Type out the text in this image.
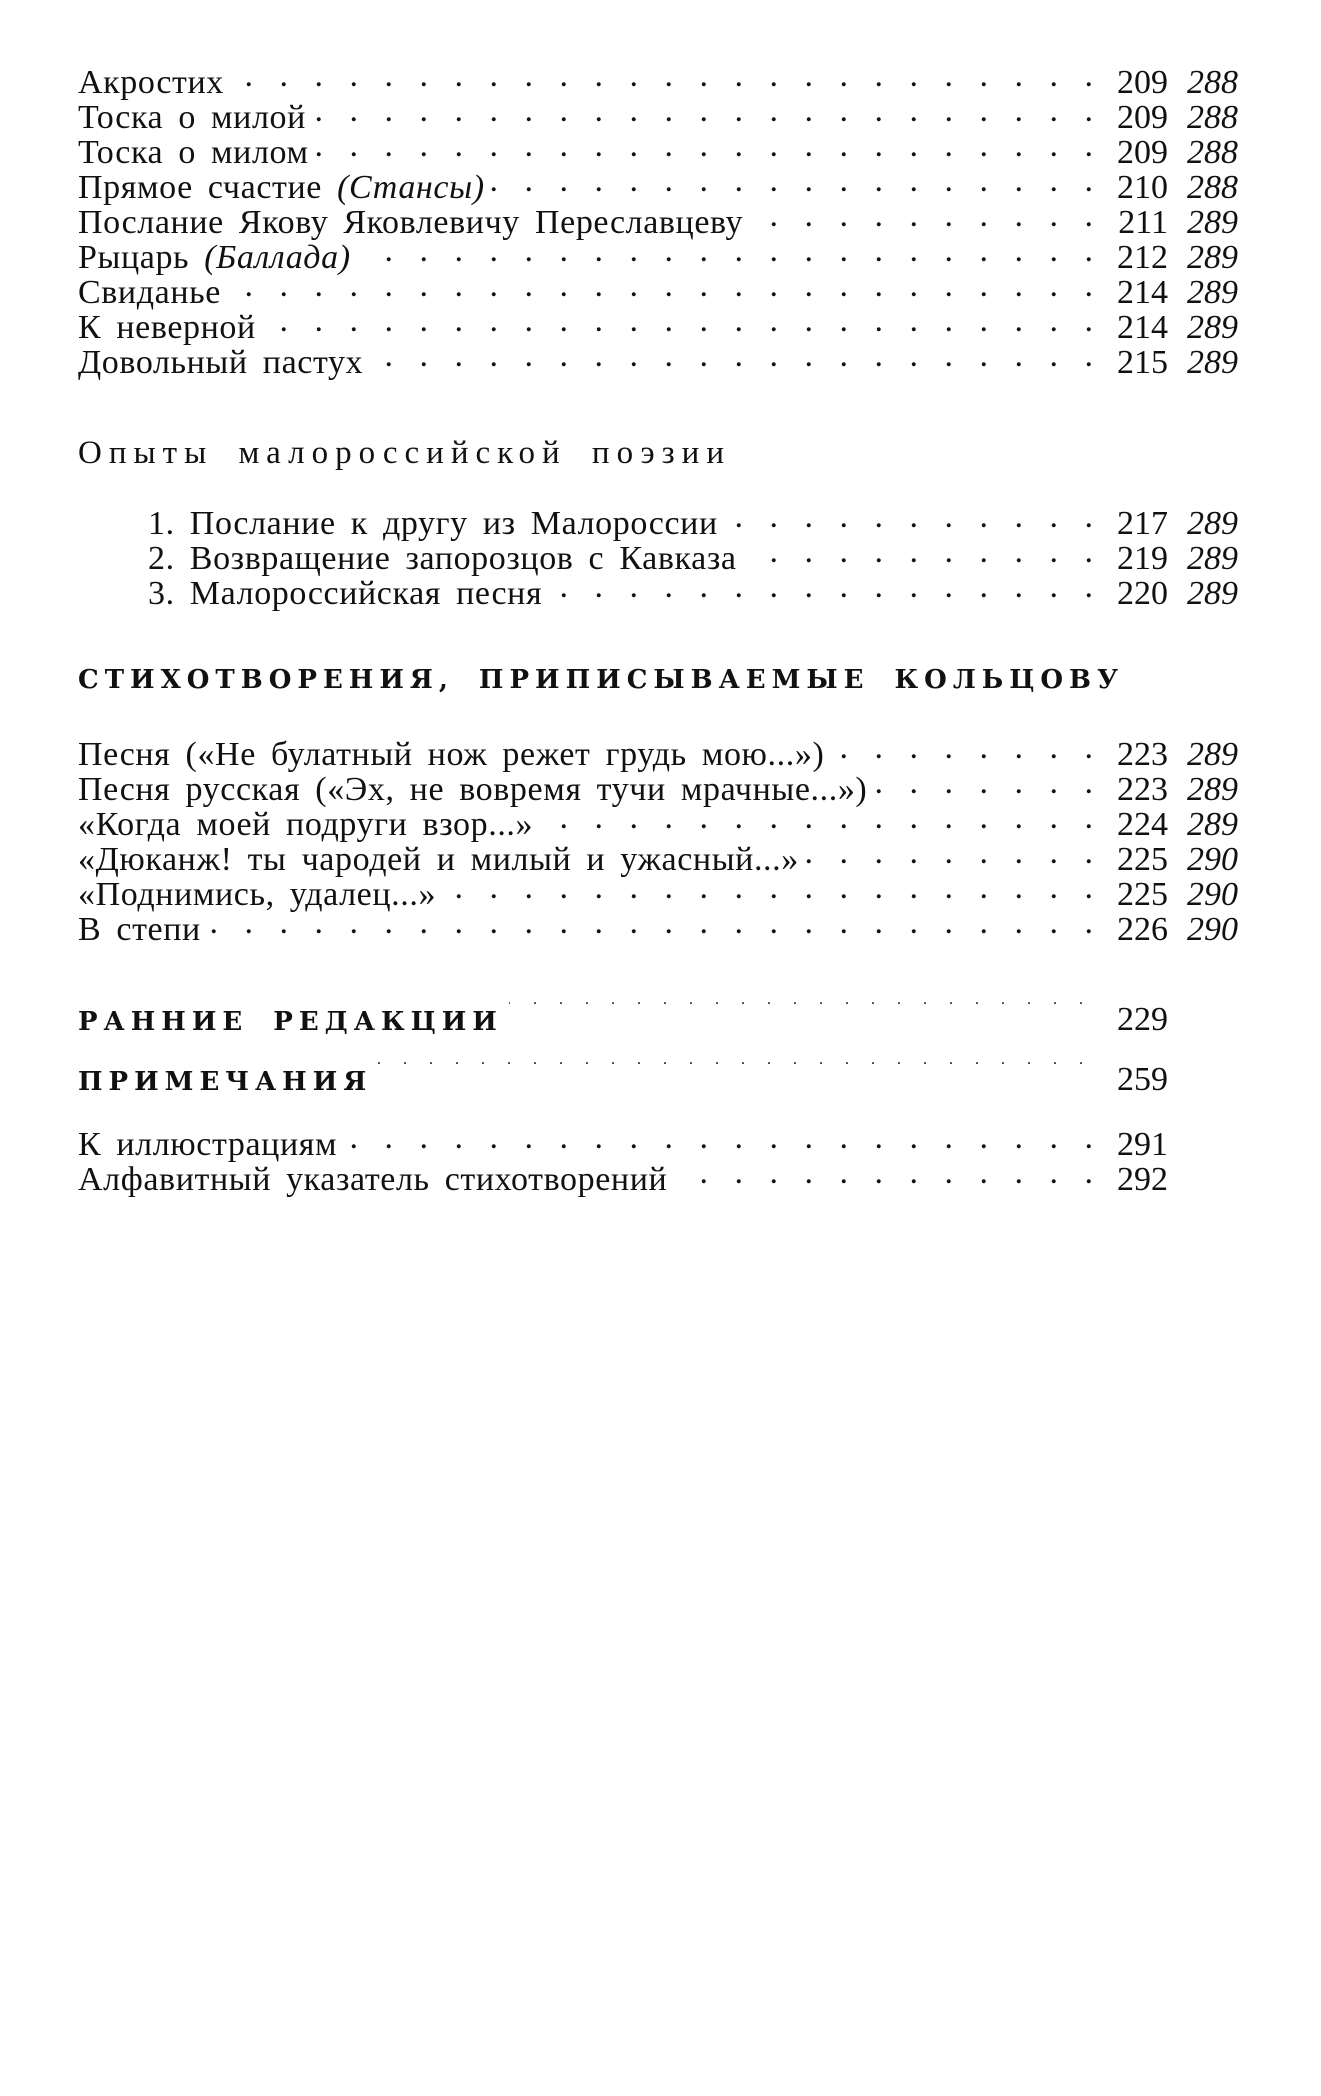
Акростих . . .	209 288
Тоска о милой . . .	209 288
Тоска о милом . . .	209 288
Прямое счастие (Стансы) . . .	210 288
Послание Якову Яковлевичу Переславцеву . . .	211 289
Рыцарь (Баллада) . . .	212 289
Свиданье . . .	214 289
К неверной . . .	214 289
Довольный пастух . . .	215 289
Опыты малороссийской поэзии
1. Послание к другу из Малороссии . . .	217 289
2. Возвращение запорозцов с Кавказа . . .	219 289
3. Малороссийская песня . . .	220 289
СТИХОТВОРЕНИЯ, ПРИПИСЫВАЕМЫЕ КОЛЬЦОВУ
Песня («Не булатный нож режет грудь мою...») . . .	223 289
Песня русская («Эх, не вовремя тучи мрачные...») . . .	223 289
«Когда моей подруги взор...» . . .	224 289
«Дюканж! ты чародей и милый и ужасный...» . . .	225 290
«Поднимись, удалец...» . . .	225 290
В степи . . .	226 290
РАННИЕ РЕДАКЦИИ . . .	229
ПРИМЕЧАНИЯ . . .	259
К иллюстрациям . . .	291
Алфавитный указатель стихотворений . . .	292
